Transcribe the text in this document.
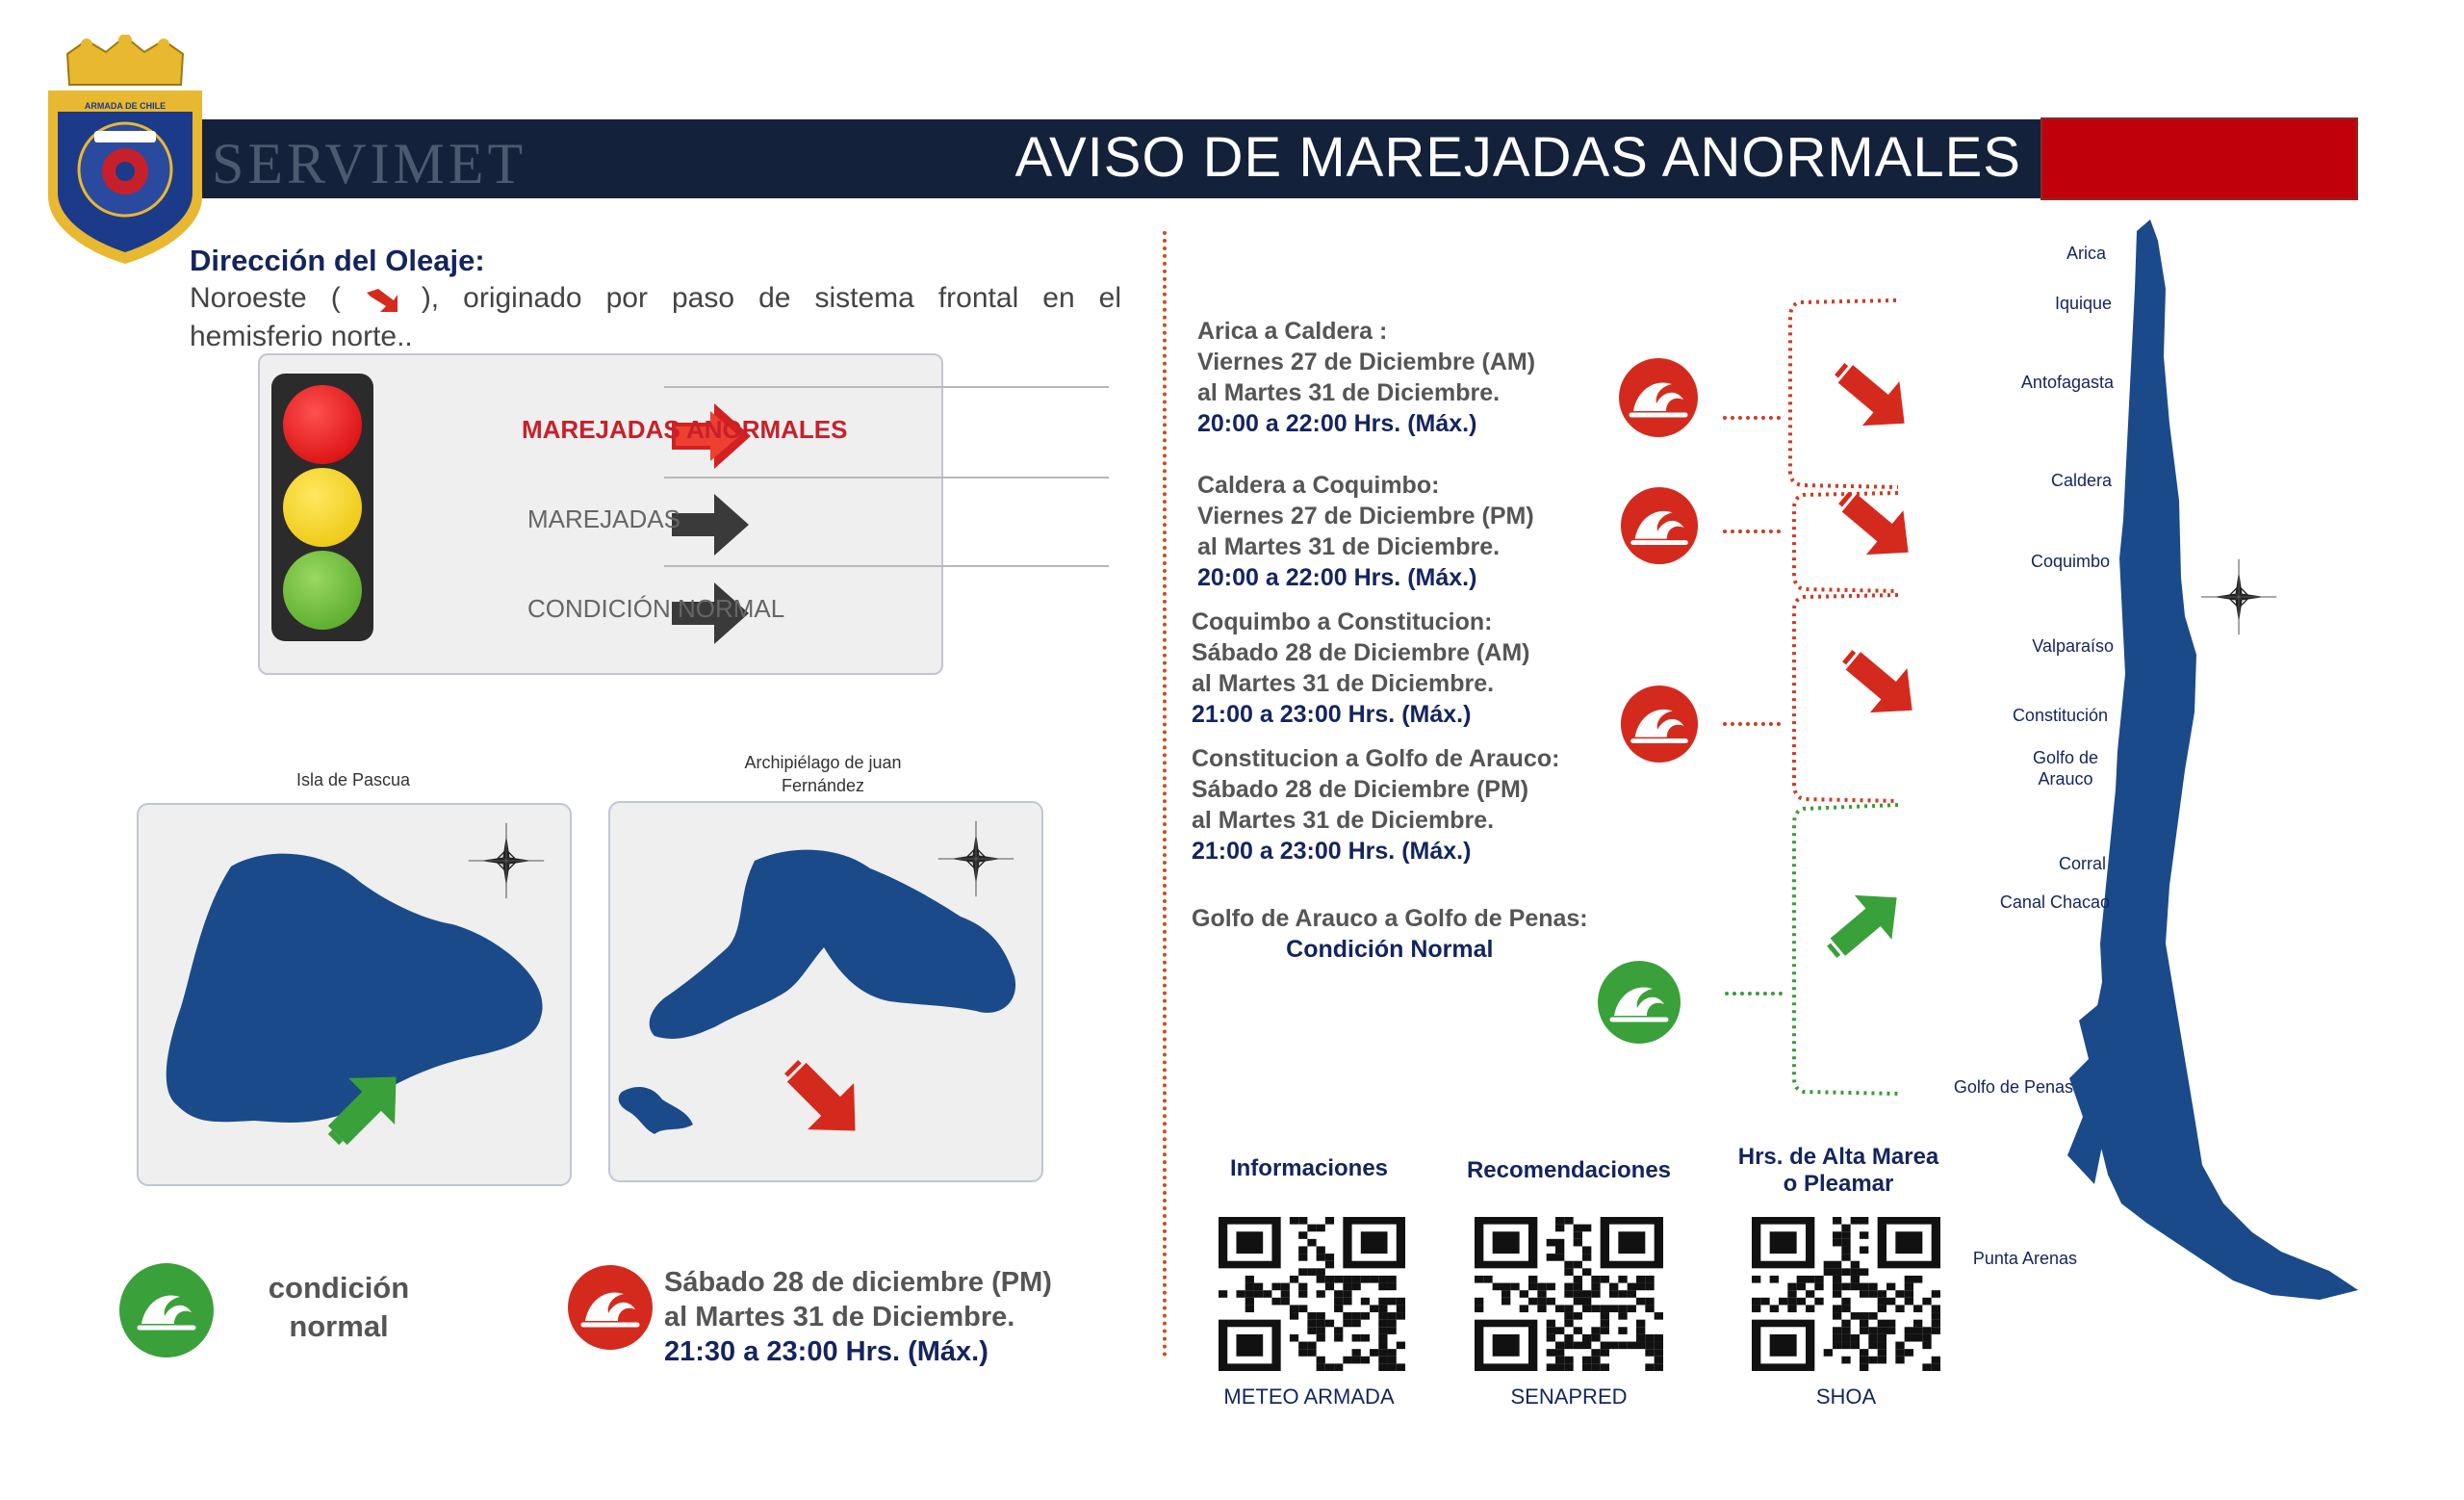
SERVIMET	AVISO DE MAREJADAS ANORMALES
ARMADA DE CHILE
Dirección del Oleaje:
Noroeste (	), originado por paso de sistema frontal en el
hemisferio norte..
MAREJADAS ANORMALES
MAREJADAS
CONDICIÓN NORMAL
Isla de Pascua
Archipiélago de juan
Fernández
condición
normal
Sábado 28 de diciembre (PM)
al Martes 31 de Diciembre.
21:30 a 23:00 Hrs. (Máx.)
Arica a Caldera :
Viernes 27 de Diciembre (AM)
al Martes 31 de Diciembre.
20:00 a 22:00 Hrs. (Máx.)
Caldera a Coquimbo:
Viernes 27 de Diciembre (PM)
al Martes 31 de Diciembre.
20:00 a 22:00 Hrs. (Máx.)
Coquimbo a Constitucion:
Sábado 28 de Diciembre (AM)
al Martes 31 de Diciembre.
21:00 a 23:00 Hrs. (Máx.)
Constitucion a Golfo de Arauco:
Sábado 28 de Diciembre (PM)
al Martes 31 de Diciembre.
21:00 a 23:00 Hrs. (Máx.)
Golfo de Arauco a Golfo de Penas:
Condición Normal
Arica
Iquique
Antofagasta
Caldera
Coquimbo
Valparaíso
Constitución
Golfo de
Arauco
Corral
Canal Chacao
Golfo de Penas
Punta Arenas
Informaciones	Recomendaciones
Hrs. de Alta Marea
o Pleamar
METEO ARMADA	SENAPRED	SHOA
